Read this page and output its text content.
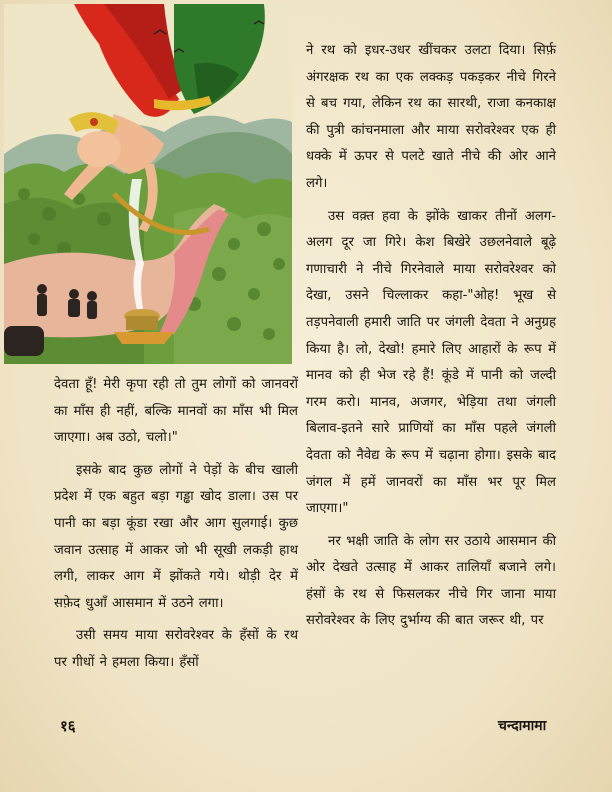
देवता हूँ! मेरी कृपा रही तो तुम लोगों को जानवरों का माँस ही नहीं, बल्कि मानवों का माँस भी मिल जाएगा। अब उठो, चलो।"

इसके बाद कुछ लोगों ने पेड़ों के बीच खाली प्रदेश में एक बहुत बड़ा गड्ढा खोद डाला। उस पर पानी का बड़ा कूंडा रखा और आग सुलगाई। कुछ जवान उत्साह में आकर जो भी सूखी लकड़ी हाथ लगी, लाकर आग में झोंकते गये। थोड़ी देर में सफ़ेद धुआँ आसमान में उठने लगा।

उसी समय माया सरोवरेश्वर के हँसों के रथ पर गीधों ने हमला किया। हँसों

ने रथ को इधर-उधर खींचकर उलटा दिया। सिर्फ़ अंगरक्षक रथ का एक लक्कड़ पकड़कर नीचे गिरने से बच गया, लेकिन रथ का सारथी, राजा कनकाक्ष की पुत्री कांचनमाला और माया सरोवरेश्वर एक ही धक्के में ऊपर से पलटे खाते नीचे की ओर आने लगे।

उस वक़्त हवा के झोंके खाकर तीनों अलग-अलग दूर जा गिरे। केश बिखेरे उछलनेवाले बूढ़े गणाचारी ने नीचे गिरनेवाले माया सरोवरेश्वर को देखा, उसने चिल्लाकर कहा-"ओह! भूख से तड़पनेवाली हमारी जाति पर जंगली देवता ने अनुग्रह किया है। लो, देखो! हमारे लिए आहारों के रूप में मानव को ही भेज रहे हैं! कूंडे में पानी को जल्दी गरम करो। मानव, अजगर, भेड़िया तथा जंगली बिलाव-इतने सारे प्राणियों का माँस पहले जंगली देवता को नैवेद्य के रूप में चढ़ाना होगा। इसके बाद जंगल में हमें जानवरों का माँस भर पूर मिल जाएगा।"

नर भक्षी जाति के लोग सर उठाये आसमान की ओर देखते उत्साह में आकर तालियाँ बजाने लगे। हंसों के रथ से फिसलकर नीचे गिर जाना माया सरोवरेश्वर के लिए दुर्भाग्य की बात जरूर थी, पर

१६	चन्दामामा
